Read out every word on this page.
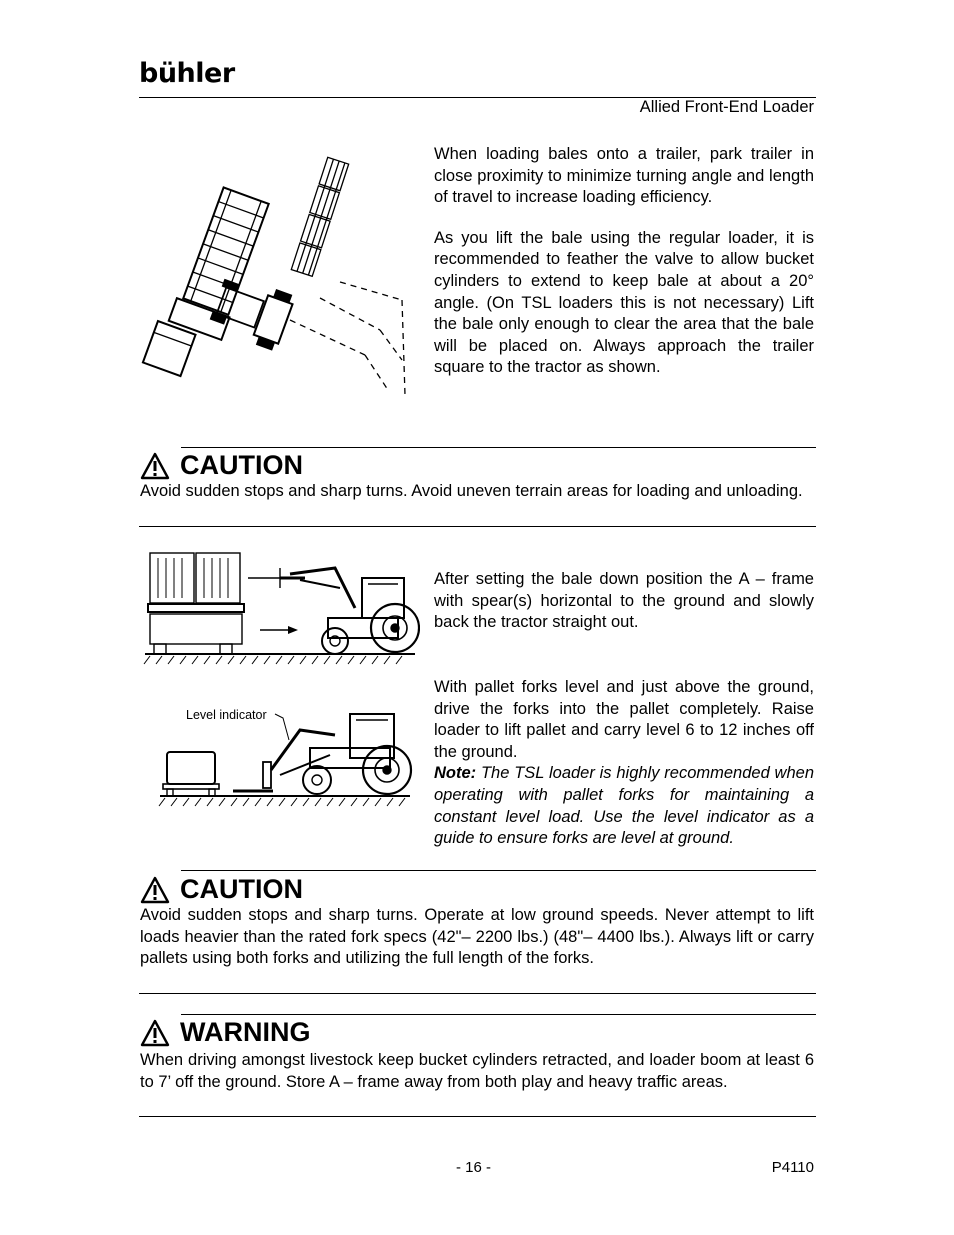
bühler
Allied Front-End Loader

When loading bales onto a trailer, park trailer in close proximity to minimize turning angle and length of travel to increase loading efficiency.

As you lift the bale using the regular loader, it is recommended to feather the valve to allow bucket cylinders to extend to keep bale at about a 20° angle. (On TSL loaders this is not necessary) Lift the bale only enough to clear the area that the bale will be placed on. Always approach the trailer square to the tractor as shown.

CAUTION
Avoid sudden stops and sharp turns. Avoid uneven terrain areas for loading and unloading.
After setting the bale down position the A – frame with spear(s) horizontal to the ground and slowly back the tractor straight out.
Level indicator

With pallet forks level and just above the ground, drive the forks into the pallet completely. Raise loader to lift pallet and carry level 6 to 12 inches off the ground.

Note: The TSL loader is highly recommended when operating with pallet forks for maintaining a constant level load. Use the level indicator as a guide to ensure forks are level at ground.

CAUTION
Avoid sudden stops and sharp turns. Operate at low ground speeds. Never attempt to lift loads heavier than the rated fork specs (42"– 2200 lbs.) (48"– 4400 lbs.). Always lift or carry pallets using both forks and utilizing the full length of the forks.
WARNING
When driving amongst livestock keep bucket cylinders retracted, and loader boom at least 6 to 7’ off the ground. Store A – frame away from both play and heavy traffic areas.
- 16 -	P4110
